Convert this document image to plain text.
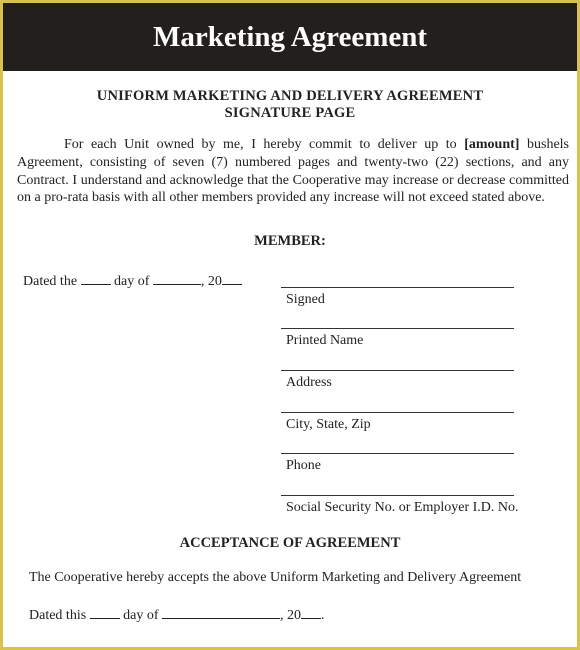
Marketing Agreement
UNIFORM MARKETING AND DELIVERY AGREEMENT
SIGNATURE PAGE

For each Unit owned by me, I hereby commit to deliver up to [amount] bushels Agreement, consisting of seven (7) numbered pages and twenty-two (22) sections, and any Contract. I understand and acknowledge that the Cooperative may increase or decrease committed on a pro-rata basis with all other members provided any increase will not exceed stated above.

MEMBER:
Dated the	day of	, 20
Signed
Printed Name
Address
City, State, Zip
Phone
Social Security No. or Employer I.D. No.
ACCEPTANCE OF AGREEMENT
The Cooperative hereby accepts the above Uniform Marketing and Delivery Agreement
Dated this	day of	, 20 .
